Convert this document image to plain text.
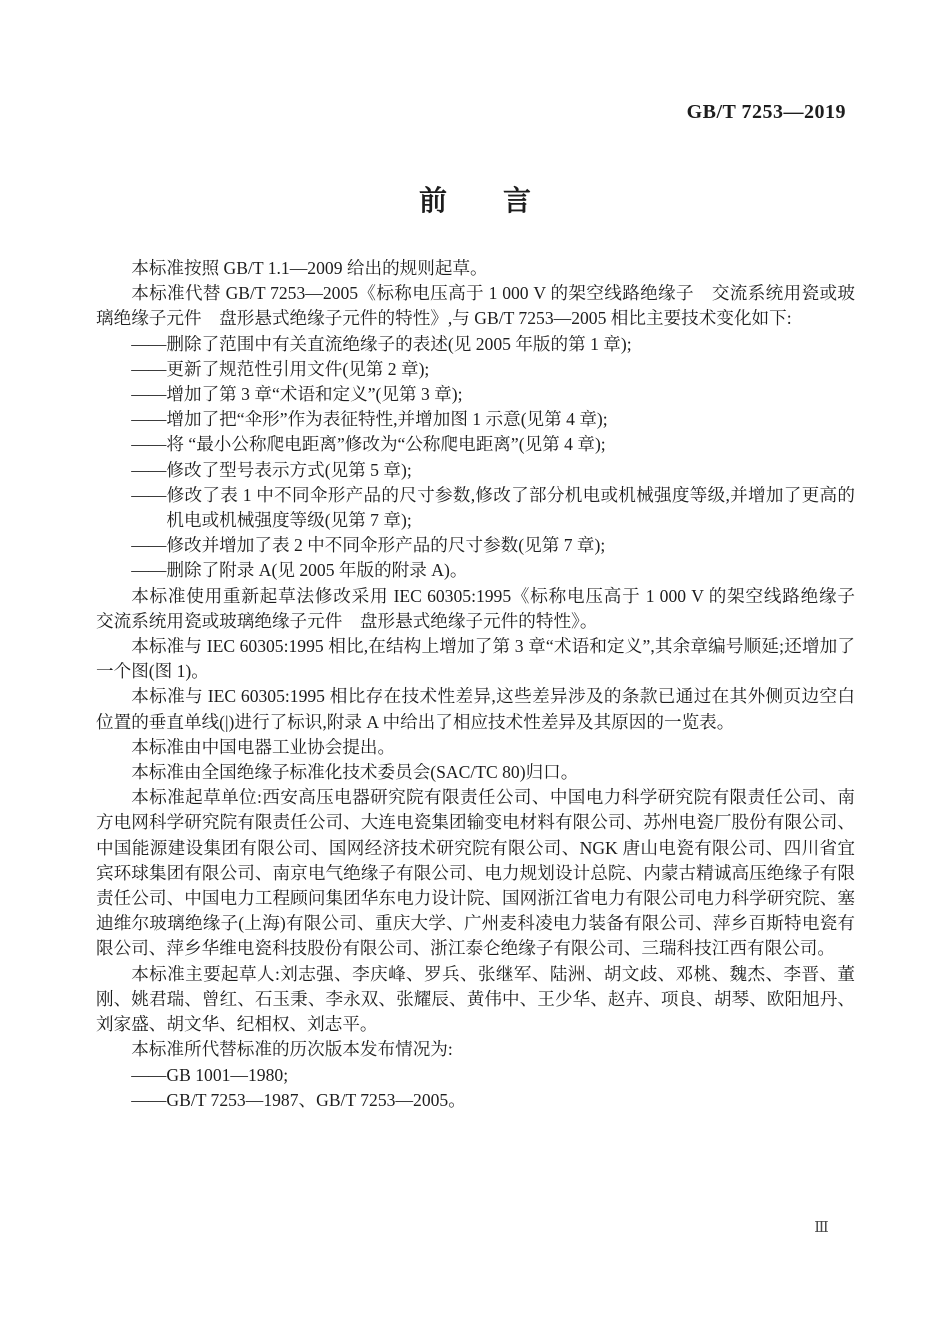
GB/T 7253—2019
前　　言

本标准按照 GB/T 1.1—2009 给出的规则起草。

本标准代替 GB/T 7253—2005《标称电压高于 1 000 V 的架空线路绝缘子　交流系统用瓷或玻璃绝缘子元件　盘形悬式绝缘子元件的特性》,与 GB/T 7253—2005 相比主要技术变化如下:

——删除了范围中有关直流绝缘子的表述(见 2005 年版的第 1 章);

——更新了规范性引用文件(见第 2 章);

——增加了第 3 章“术语和定义”(见第 3 章);

——增加了把“伞形”作为表征特性,并增加图 1 示意(见第 4 章);

——将 “最小公称爬电距离”修改为“公称爬电距离”(见第 4 章);

——修改了型号表示方式(见第 5 章);

——修改了表 1 中不同伞形产品的尺寸参数,修改了部分机电或机械强度等级,并增加了更高的机电或机械强度等级(见第 7 章);

——修改并增加了表 2 中不同伞形产品的尺寸参数(见第 7 章);

——删除了附录 A(见 2005 年版的附录 A)。

本标准使用重新起草法修改采用 IEC 60305:1995《标称电压高于 1 000 V 的架空线路绝缘子　交流系统用瓷或玻璃绝缘子元件　盘形悬式绝缘子元件的特性》。

本标准与 IEC 60305:1995 相比,在结构上增加了第 3 章“术语和定义”,其余章编号顺延;还增加了一个图(图 1)。

本标准与 IEC 60305:1995 相比存在技术性差异,这些差异涉及的条款已通过在其外侧页边空白位置的垂直单线(|)进行了标识,附录 A 中给出了相应技术性差异及其原因的一览表。

本标准由中国电器工业协会提出。

本标准由全国绝缘子标准化技术委员会(SAC/TC 80)归口。

本标准起草单位:西安高压电器研究院有限责任公司、中国电力科学研究院有限责任公司、南方电网科学研究院有限责任公司、大连电瓷集团输变电材料有限公司、苏州电瓷厂股份有限公司、中国能源建设集团有限公司、国网经济技术研究院有限公司、NGK 唐山电瓷有限公司、四川省宜宾环球集团有限公司、南京电气绝缘子有限公司、电力规划设计总院、内蒙古精诚高压绝缘子有限责任公司、中国电力工程顾问集团华东电力设计院、国网浙江省电力有限公司电力科学研究院、塞迪维尔玻璃绝缘子(上海)有限公司、重庆大学、广州麦科凌电力装备有限公司、萍乡百斯特电瓷有限公司、萍乡华维电瓷科技股份有限公司、浙江泰仑绝缘子有限公司、三瑞科技江西有限公司。

本标准主要起草人:刘志强、李庆峰、罗兵、张继军、陆洲、胡文歧、邓桃、魏杰、李晋、董刚、姚君瑞、曾红、石玉秉、李永双、张耀辰、黄伟中、王少华、赵卉、项良、胡琴、欧阳旭丹、刘家盛、胡文华、纪相权、刘志平。

本标准所代替标准的历次版本发布情况为:

——GB 1001—1980;

——GB/T 7253—1987、GB/T 7253—2005。

Ⅲ
